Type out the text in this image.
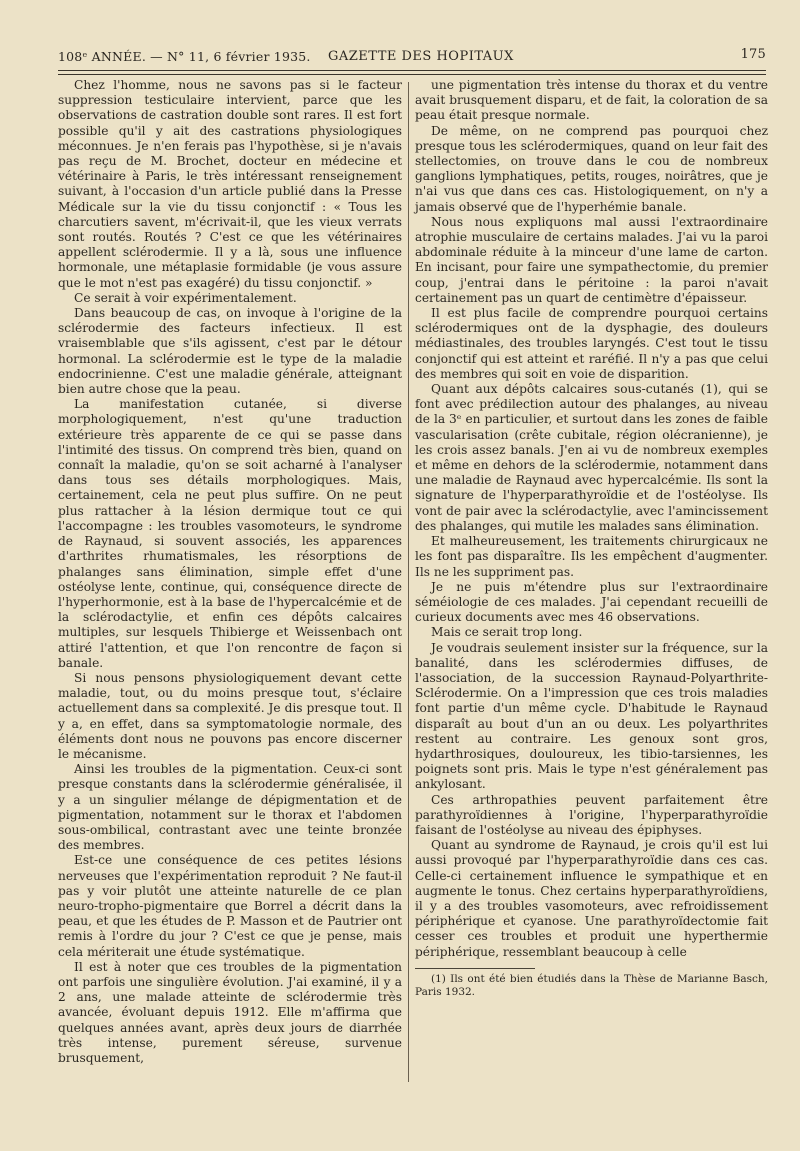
108ᵉ ANNÉE. — N° 11, 6 février 1935. GAZETTE DES HOPITAUX	175

Chez l'homme, nous ne savons pas si le facteur suppression testiculaire intervient, parce que les observations de castration double sont rares. Il est fort possible qu'il y ait des castrations physiologiques méconnues. Je n'en ferais pas l'hypothèse, si je n'avais pas reçu de M. Brochet, docteur en médecine et vétérinaire à Paris, le très intéressant renseignement suivant, à l'occasion d'un article publié dans la Presse Médicale sur la vie du tissu conjonctif : « Tous les charcutiers savent, m'écrivait-il, que les vieux verrats sont routés. Routés ? C'est ce que les vétérinaires appellent sclérodermie. Il y a là, sous une influence hormonale, une métaplasie formidable (je vous assure que le mot n'est pas exagéré) du tissu conjonctif. »

Ce serait à voir expérimentalement.

Dans beaucoup de cas, on invoque à l'origine de la sclérodermie des facteurs infectieux. Il est vraisemblable que s'ils agissent, c'est par le détour hormonal. La sclérodermie est le type de la maladie endocrinienne. C'est une maladie générale, atteignant bien autre chose que la peau.

La manifestation cutanée, si diverse morphologiquement, n'est qu'une traduction extérieure très apparente de ce qui se passe dans l'intimité des tissus. On comprend très bien, quand on connaît la maladie, qu'on se soit acharné à l'analyser dans tous ses détails morphologiques. Mais, certainement, cela ne peut plus suffire. On ne peut plus rattacher à la lésion dermique tout ce qui l'accompagne : les troubles vasomoteurs, le syndrome de Raynaud, si souvent associés, les apparences d'arthrites rhumatismales, les résorptions de phalanges sans élimination, simple effet d'une ostéolyse lente, continue, qui, conséquence directe de l'hyperhormonie, est à la base de l'hypercalcémie et de la sclérodactylie, et enfin ces dépôts calcaires multiples, sur lesquels Thibierge et Weissenbach ont attiré l'attention, et que l'on rencontre de façon si banale.

Si nous pensons physiologiquement devant cette maladie, tout, ou du moins presque tout, s'éclaire actuellement dans sa complexité. Je dis presque tout. Il y a, en effet, dans sa symptomatologie normale, des éléments dont nous ne pouvons pas encore discerner le mécanisme.

Ainsi les troubles de la pigmentation. Ceux-ci sont presque constants dans la sclérodermie généralisée, il y a un singulier mélange de dépigmentation et de pigmentation, notamment sur le thorax et l'abdomen sous-ombilical, contrastant avec une teinte bronzée des membres.

Est-ce une conséquence de ces petites lésions nerveuses que l'expérimentation reproduit ? Ne faut-il pas y voir plutôt une atteinte naturelle de ce plan neuro-tropho-pigmentaire que Borrel a décrit dans la peau, et que les études de P. Masson et de Pautrier ont remis à l'ordre du jour ? C'est ce que je pense, mais cela mériterait une étude systématique.

Il est à noter que ces troubles de la pigmentation ont parfois une singulière évolution. J'ai examiné, il y a 2 ans, une malade atteinte de sclérodermie très avancée, évoluant depuis 1912. Elle m'affirma que quelques années avant, après deux jours de diarrhée très intense, purement séreuse, survenue brusquement,

une pigmentation très intense du thorax et du ventre avait brusquement disparu, et de fait, la coloration de sa peau était presque normale.

De même, on ne comprend pas pourquoi chez presque tous les sclérodermiques, quand on leur fait des stellectomies, on trouve dans le cou de nombreux ganglions lymphatiques, petits, rouges, noirâtres, que je n'ai vus que dans ces cas. Histologiquement, on n'y a jamais observé que de l'hyperhémie banale.

Nous nous expliquons mal aussi l'extraordinaire atrophie musculaire de certains malades. J'ai vu la paroi abdominale réduite à la minceur d'une lame de carton. En incisant, pour faire une sympathectomie, du premier coup, j'entrai dans le péritoine : la paroi n'avait certainement pas un quart de centimètre d'épaisseur.

Il est plus facile de comprendre pourquoi certains sclérodermiques ont de la dysphagie, des douleurs médiastinales, des troubles laryngés. C'est tout le tissu conjonctif qui est atteint et raréfié. Il n'y a pas que celui des membres qui soit en voie de disparition.

Quant aux dépôts calcaires sous-cutanés (1), qui se font avec prédilection autour des phalanges, au niveau de la 3ᵉ en particulier, et surtout dans les zones de faible vascularisation (crête cubitale, région olécranienne), je les crois assez banals. J'en ai vu de nombreux exemples et même en dehors de la sclérodermie, notamment dans une maladie de Raynaud avec hypercalcémie. Ils sont la signature de l'hyperparathyroïdie et de l'ostéolyse. Ils vont de pair avec la sclérodactylie, avec l'amincissement des phalanges, qui mutile les malades sans élimination.

Et malheureusement, les traitements chirurgicaux ne les font pas disparaître. Ils les empêchent d'augmenter. Ils ne les suppriment pas.

Je ne puis m'étendre plus sur l'extraordinaire séméiologie de ces malades. J'ai cependant recueilli de curieux documents avec mes 46 observations.

Mais ce serait trop long.

Je voudrais seulement insister sur la fréquence, sur la banalité, dans les sclérodermies diffuses, de l'association, de la succession Raynaud-Polyarthrite-Sclérodermie. On a l'impression que ces trois maladies font partie d'un même cycle. D'habitude le Raynaud disparaît au bout d'un an ou deux. Les polyarthrites restent au contraire. Les genoux sont gros, hydarthrosiques, douloureux, les tibio-tarsiennes, les poignets sont pris. Mais le type n'est généralement pas ankylosant.

Ces arthropathies peuvent parfaitement être parathyroïdiennes à l'origine, l'hyperparathyroïdie faisant de l'ostéolyse au niveau des épiphyses.

Quant au syndrome de Raynaud, je crois qu'il est lui aussi provoqué par l'hyperparathyroïdie dans ces cas. Celle-ci certainement influence le sympathique et en augmente le tonus. Chez certains hyperparathyroïdiens, il y a des troubles vasomoteurs, avec refroidissement périphérique et cyanose. Une parathyroïdectomie fait cesser ces troubles et produit une hyperthermie périphérique, ressemblant beaucoup à celle

(1) Ils ont été bien étudiés dans la Thèse de Marianne Basch, Paris 1932.
